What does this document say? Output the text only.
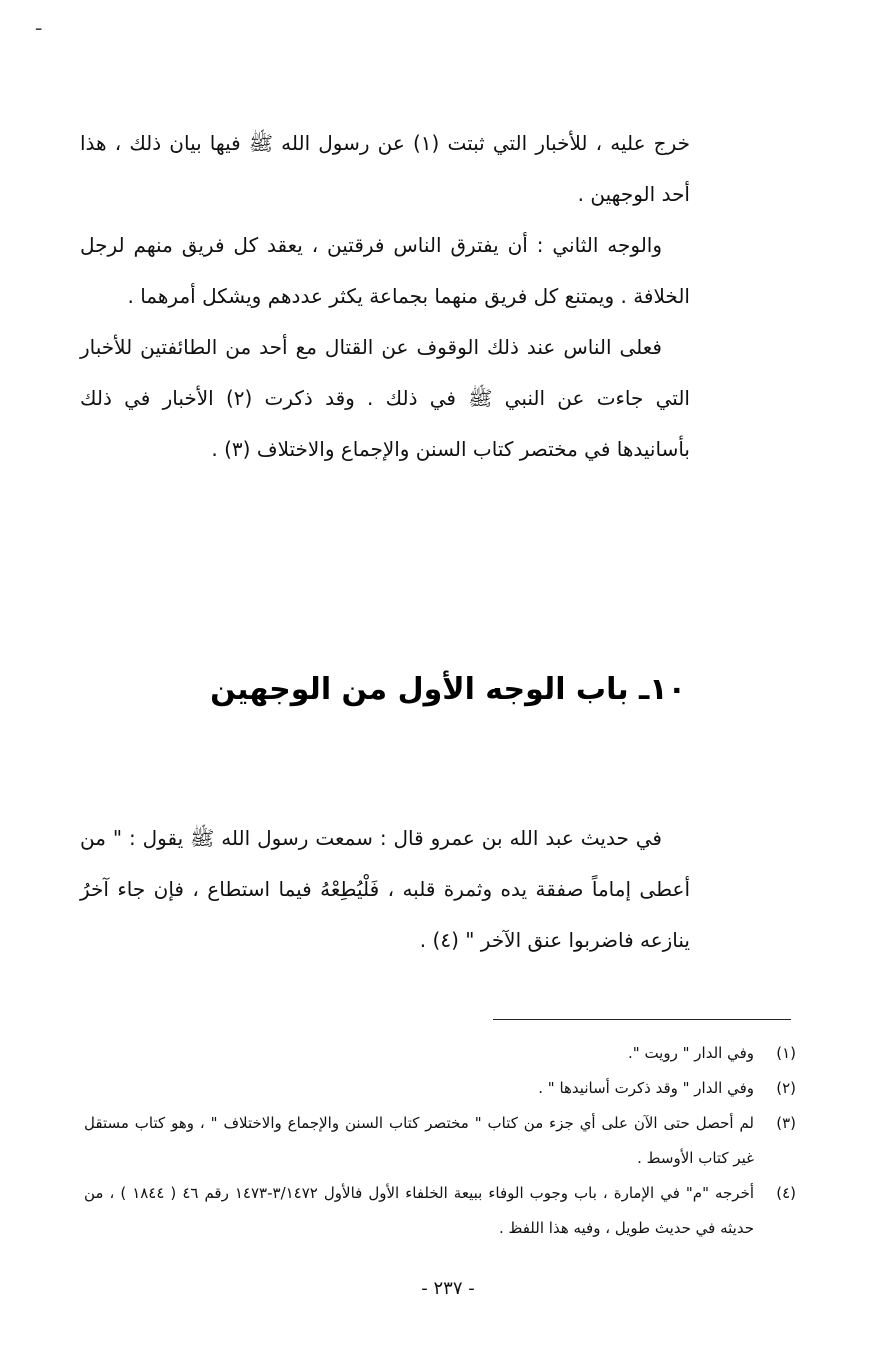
ـ

خرج عليه ، للأخبار التي ثبتت (١) عن رسول الله ﷺ فيها بيان ذلك ، هذا أحد الوجهين .

والوجه الثاني : أن يفترق الناس فرقتين ، يعقد كل فريق منهم لرجل الخلافة . ويمتنع كل فريق منهما بجماعة يكثر عددهم ويشكل أمرهما .

فعلى الناس عند ذلك الوقوف عن القتال مع أحد من الطائفتين للأخبار التي جاءت عن النبي ﷺ في ذلك . وقد ذكرت (٢) الأخبار في ذلك بأسانيدها في مختصر كتاب السنن والإجماع والاختلاف (٣) .

١٠ـ باب الوجه الأول من الوجهين

في حديث عبد الله بن عمرو قال : سمعت رسول الله ﷺ يقول : " من أعطى إماماً صفقة يده وثمرة قلبه ، فَلْيُطِعْهُ فيما استطاع ، فإن جاء آخرُ ينازعه فاضربوا عنق الآخر " (٤) .

(١)
وفي الدار " رويت ".
(٢)
وفي الدار " وقد ذكرت أسانيدها " .
(٣)
لم أحصل حتى الآن على أي جزء من كتاب " مختصر كتاب السنن والإجماع والاختلاف " ، وهو كتاب مستقل غير كتاب الأوسط .
(٤)
أخرجه "م" في الإمارة ، باب وجوب الوفاء ببيعة الخلفاء الأول فالأول ٣/١٤٧٢-١٤٧٣ رقم ٤٦ ( ١٨٤٤ ) ، من حديثه في حديث طويل ، وفيه هذا اللفظ .
- ٢٣٧ -
